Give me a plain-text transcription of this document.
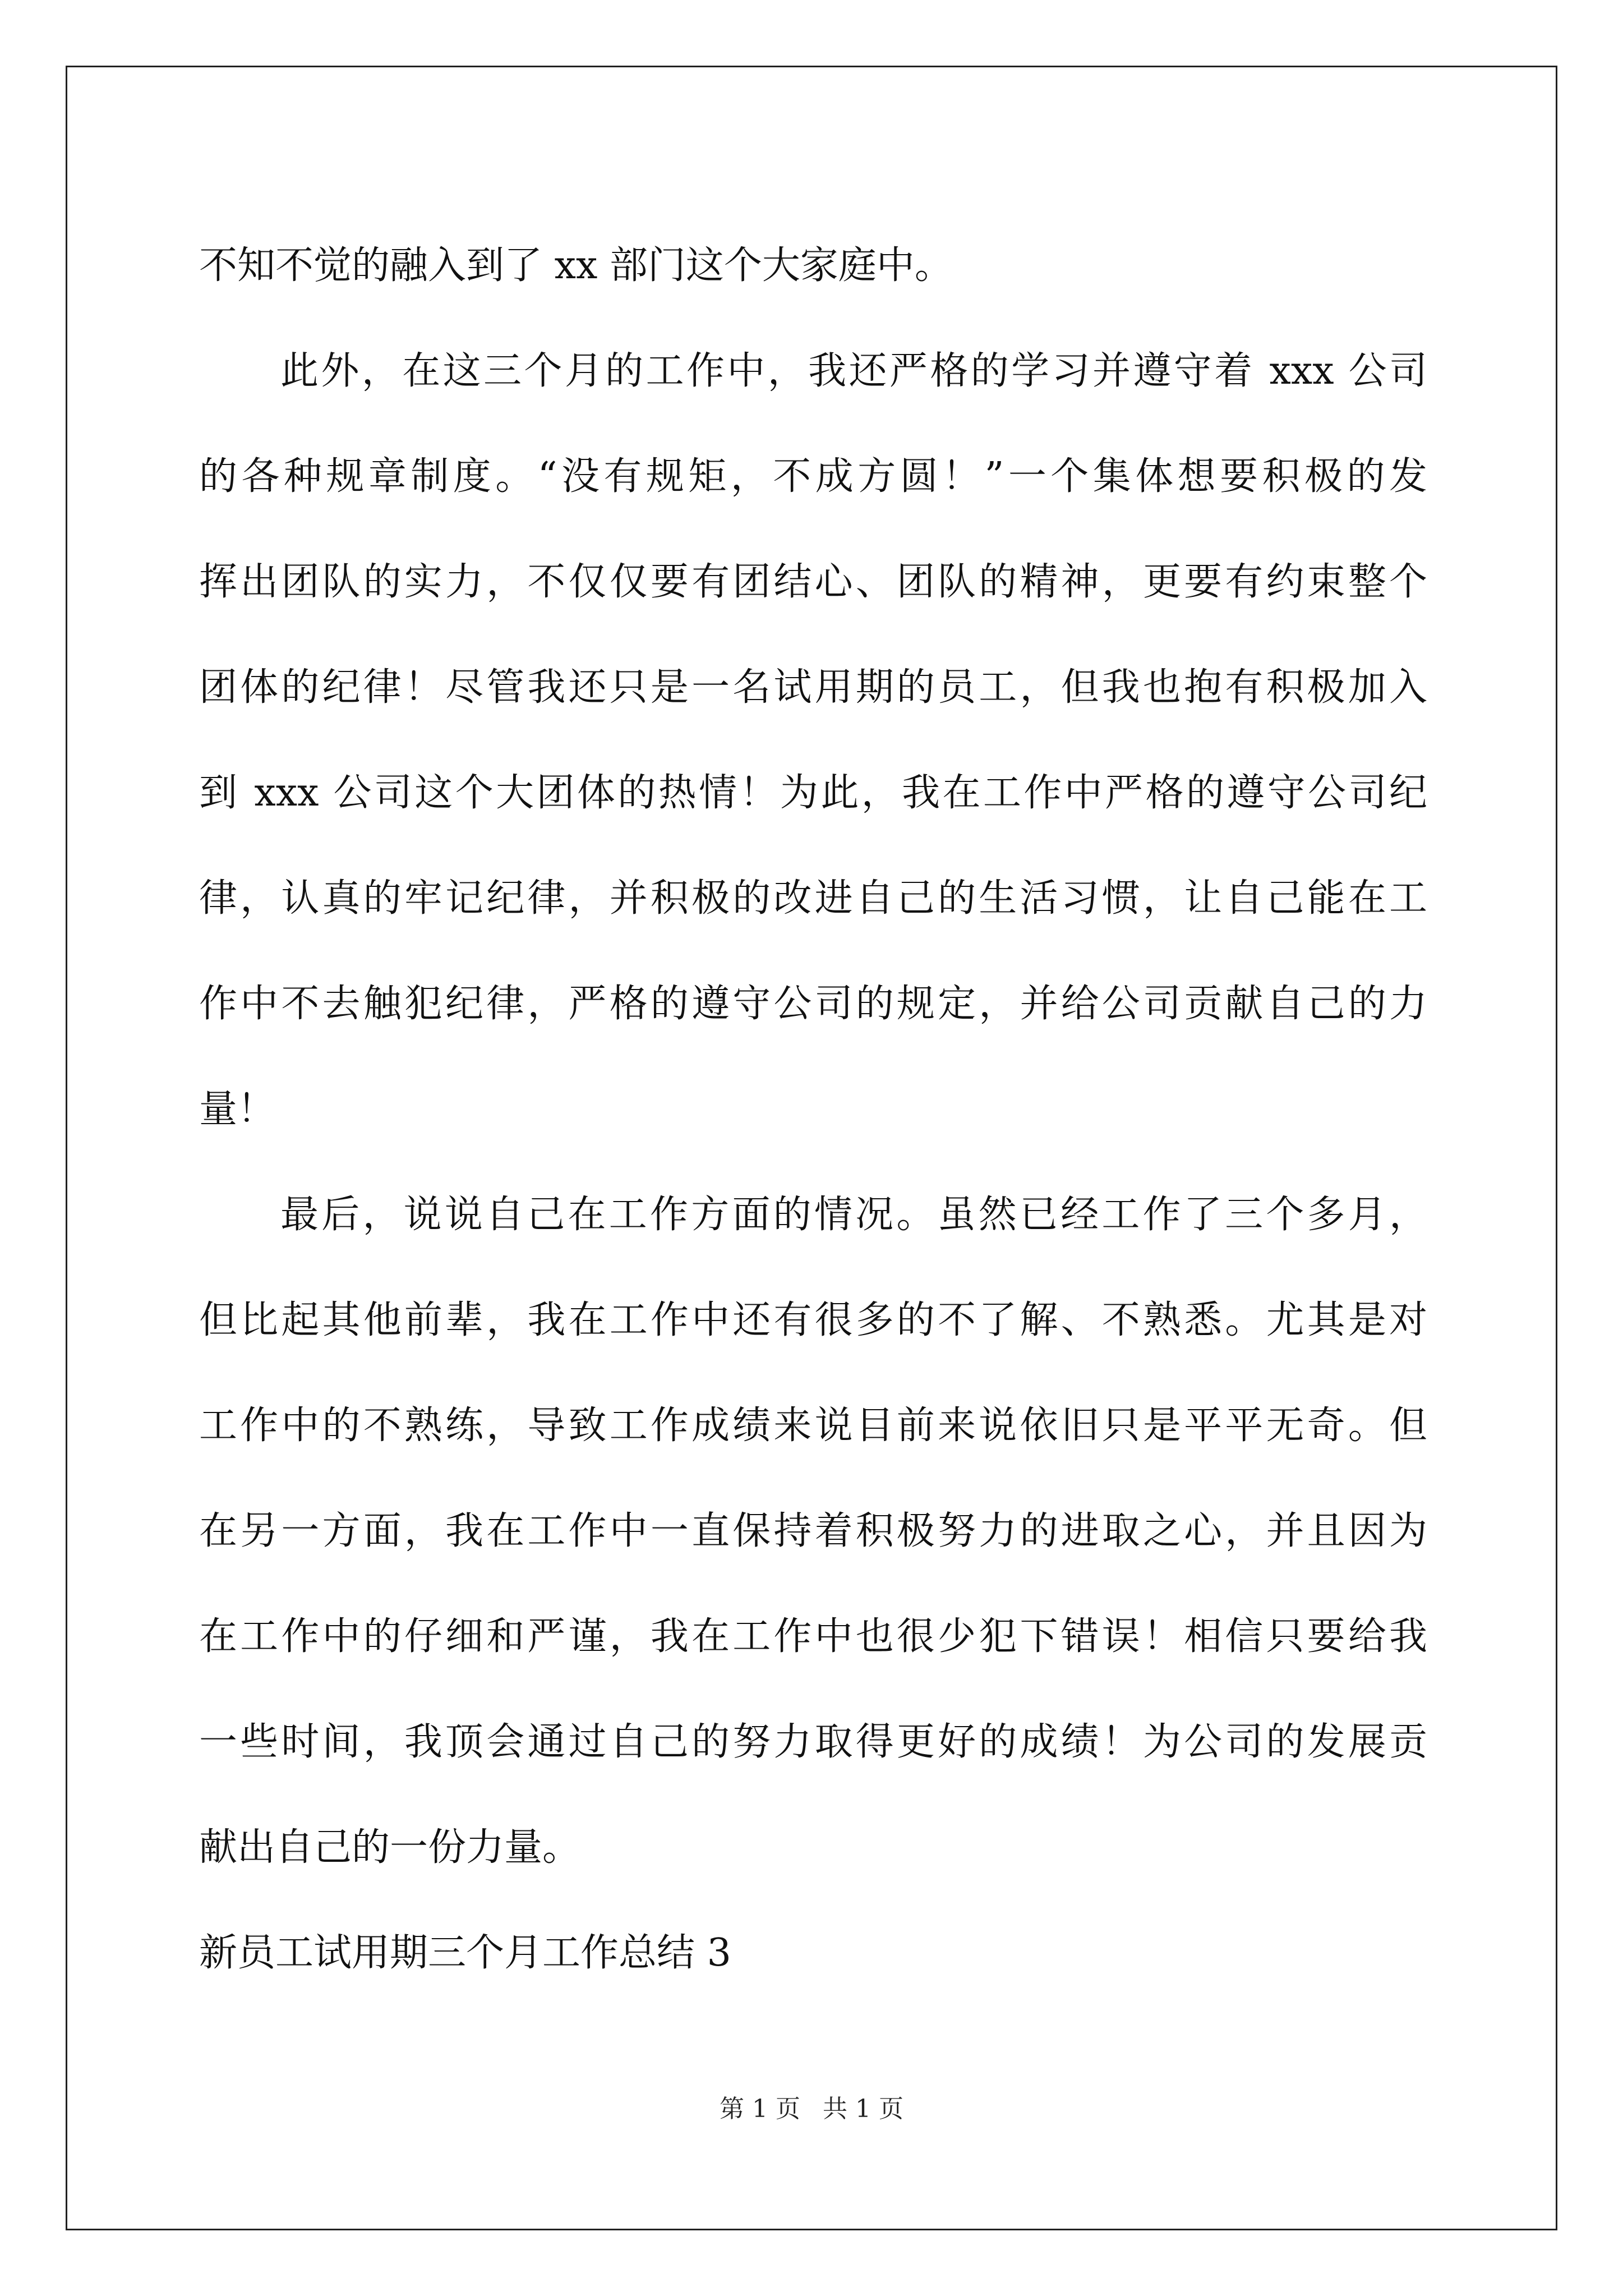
不知不觉的融入到了 xx 部门这个大家庭中。
此外，在这三个月的工作中，我还严格的学习并遵守着 xxx 公司
的各种规章制度。“没有规矩，不成方圆！”一个集体想要积极的发
挥出团队的实力，不仅仅要有团结心、团队的精神，更要有约束整个
团体的纪律！尽管我还只是一名试用期的员工，但我也抱有积极加入
到 xxx 公司这个大团体的热情！为此，我在工作中严格的遵守公司纪
律，认真的牢记纪律，并积极的改进自己的生活习惯，让自己能在工
作中不去触犯纪律，严格的遵守公司的规定，并给公司贡献自己的力
量！
最后，说说自己在工作方面的情况。虽然已经工作了三个多月，
但比起其他前辈，我在工作中还有很多的不了解、不熟悉。尤其是对
工作中的不熟练，导致工作成绩来说目前来说依旧只是平平无奇。但
在另一方面，我在工作中一直保持着积极努力的进取之心，并且因为
在工作中的仔细和严谨，我在工作中也很少犯下错误！相信只要给我
一些时间，我顶会通过自己的努力取得更好的成绩！为公司的发展贡
献出自己的一份力量。
新员工试用期三个月工作总结 3
第 1 页 共 1 页
